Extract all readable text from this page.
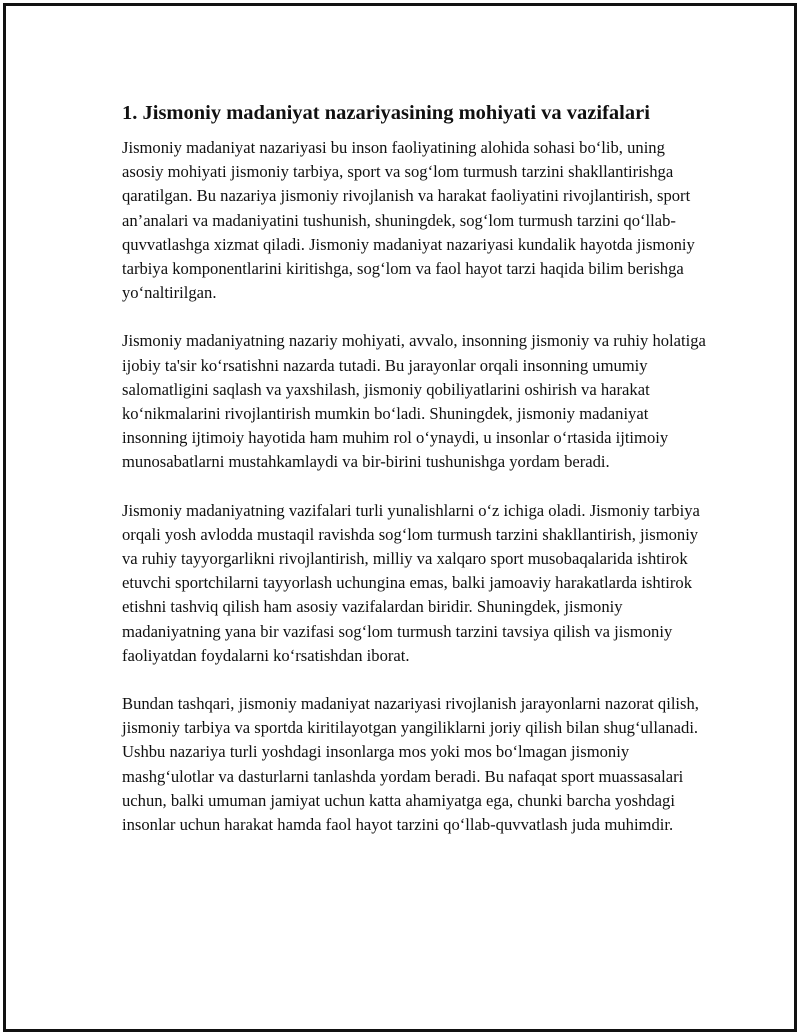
1. Jismoniy madaniyat nazariyasining mohiyati va vazifalari

Jismoniy madaniyat nazariyasi bu inson faoliyatining alohida sohasi bo‘lib, uning asosiy mohiyati jismoniy tarbiya, sport va sog‘lom turmush tarzini shakllantirishga qaratilgan. Bu nazariya jismoniy rivojlanish va harakat faoliyatini rivojlantirish, sport an’analari va madaniyatini tushunish, shuningdek, sog‘lom turmush tarzini qo‘llab-quvvatlashga xizmat qiladi. Jismoniy madaniyat nazariyasi kundalik hayotda jismoniy tarbiya komponentlarini kiritishga, sog‘lom va faol hayot tarzi haqida bilim berishga yo‘naltirilgan.

Jismoniy madaniyatning nazariy mohiyati, avvalo, insonning jismoniy va ruhiy holatiga ijobiy ta'sir ko‘rsatishni nazarda tutadi. Bu jarayonlar orqali insonning umumiy salomatligini saqlash va yaxshilash, jismoniy qobiliyatlarini oshirish va harakat ko‘nikmalarini rivojlantirish mumkin bo‘ladi. Shuningdek, jismoniy madaniyat insonning ijtimoiy hayotida ham muhim rol o‘ynaydi, u insonlar o‘rtasida ijtimoiy munosabatlarni mustahkamlaydi va bir-birini tushunishga yordam beradi.

Jismoniy madaniyatning vazifalari turli yunalishlarni o‘z ichiga oladi. Jismoniy tarbiya orqali yosh avlodda mustaqil ravishda sog‘lom turmush tarzini shakllantirish, jismoniy va ruhiy tayyorgarlikni rivojlantirish, milliy va xalqaro sport musobaqalarida ishtirok etuvchi sportchilarni tayyorlash uchungina emas, balki jamoaviy harakatlarda ishtirok etishni tashviq qilish ham asosiy vazifalardan biridir. Shuningdek, jismoniy madaniyatning yana bir vazifasi sog‘lom turmush tarzini tavsiya qilish va jismoniy faoliyatdan foydalarni ko‘rsatishdan iborat.

Bundan tashqari, jismoniy madaniyat nazariyasi rivojlanish jarayonlarni nazorat qilish, jismoniy tarbiya va sportda kiritilayotgan yangiliklarni joriy qilish bilan shug‘ullanadi. Ushbu nazariya turli yoshdagi insonlarga mos yoki mos bo‘lmagan jismoniy mashg‘ulotlar va dasturlarni tanlashda yordam beradi. Bu nafaqat sport muassasalari uchun, balki umuman jamiyat uchun katta ahamiyatga ega, chunki barcha yoshdagi insonlar uchun harakat hamda faol hayot tarzini qo‘llab-quvvatlash juda muhimdir.
